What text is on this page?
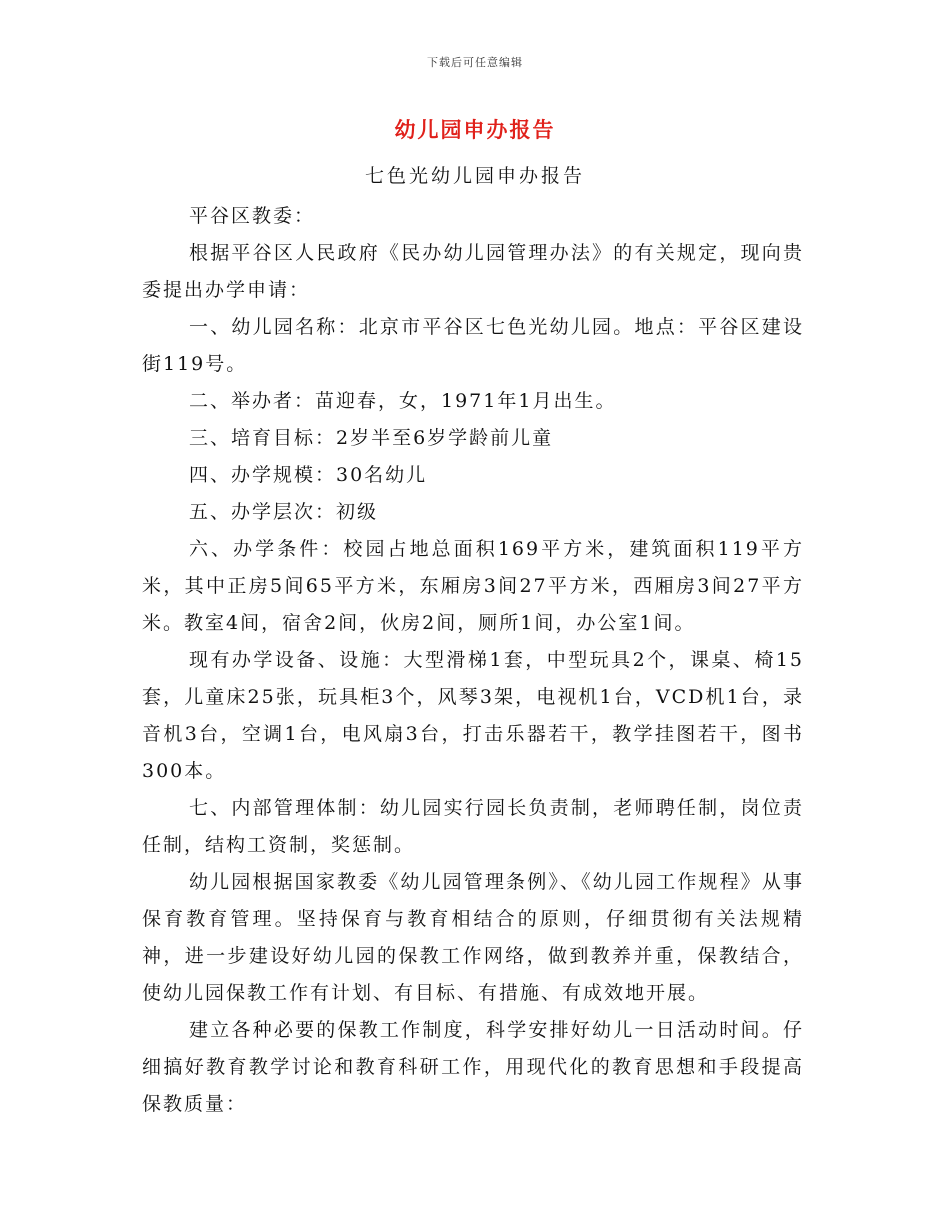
下载后可任意编辑
幼儿园申办报告
七色光幼儿园申办报告

平谷区教委：

根据平谷区人民政府《民办幼儿园管理办法》的有关规定，现向贵委提出办学申请：

一、幼儿园名称：北京市平谷区七色光幼儿园。地点：平谷区建设街119号。

二、举办者：苗迎春，女，1971年1月出生。

三、培育目标：2岁半至6岁学龄前儿童

四、办学规模：30名幼儿

五、办学层次：初级

六、办学条件：校园占地总面积169平方米，建筑面积119平方米，其中正房5间65平方米，东厢房3间27平方米，西厢房3间27平方米。教室4间，宿舍2间，伙房2间，厕所1间，办公室1间。

现有办学设备、设施：大型滑梯1套，中型玩具2个，课桌、椅15套，儿童床25张，玩具柜3个，风琴3架，电视机1台，VCD机1台，录音机3台，空调1台，电风扇3台，打击乐器若干，教学挂图若干，图书300本。

七、内部管理体制：幼儿园实行园长负责制，老师聘任制，岗位责任制，结构工资制，奖惩制。

幼儿园根据国家教委《幼儿园管理条例》、《幼儿园工作规程》从事保育教育管理。坚持保育与教育相结合的原则，仔细贯彻有关法规精神，进一步建设好幼儿园的保教工作网络，做到教养并重，保教结合，使幼儿园保教工作有计划、有目标、有措施、有成效地开展。

建立各种必要的保教工作制度，科学安排好幼儿一日活动时间。仔细搞好教育教学讨论和教育科研工作，用现代化的教育思想和手段提高保教质量：
